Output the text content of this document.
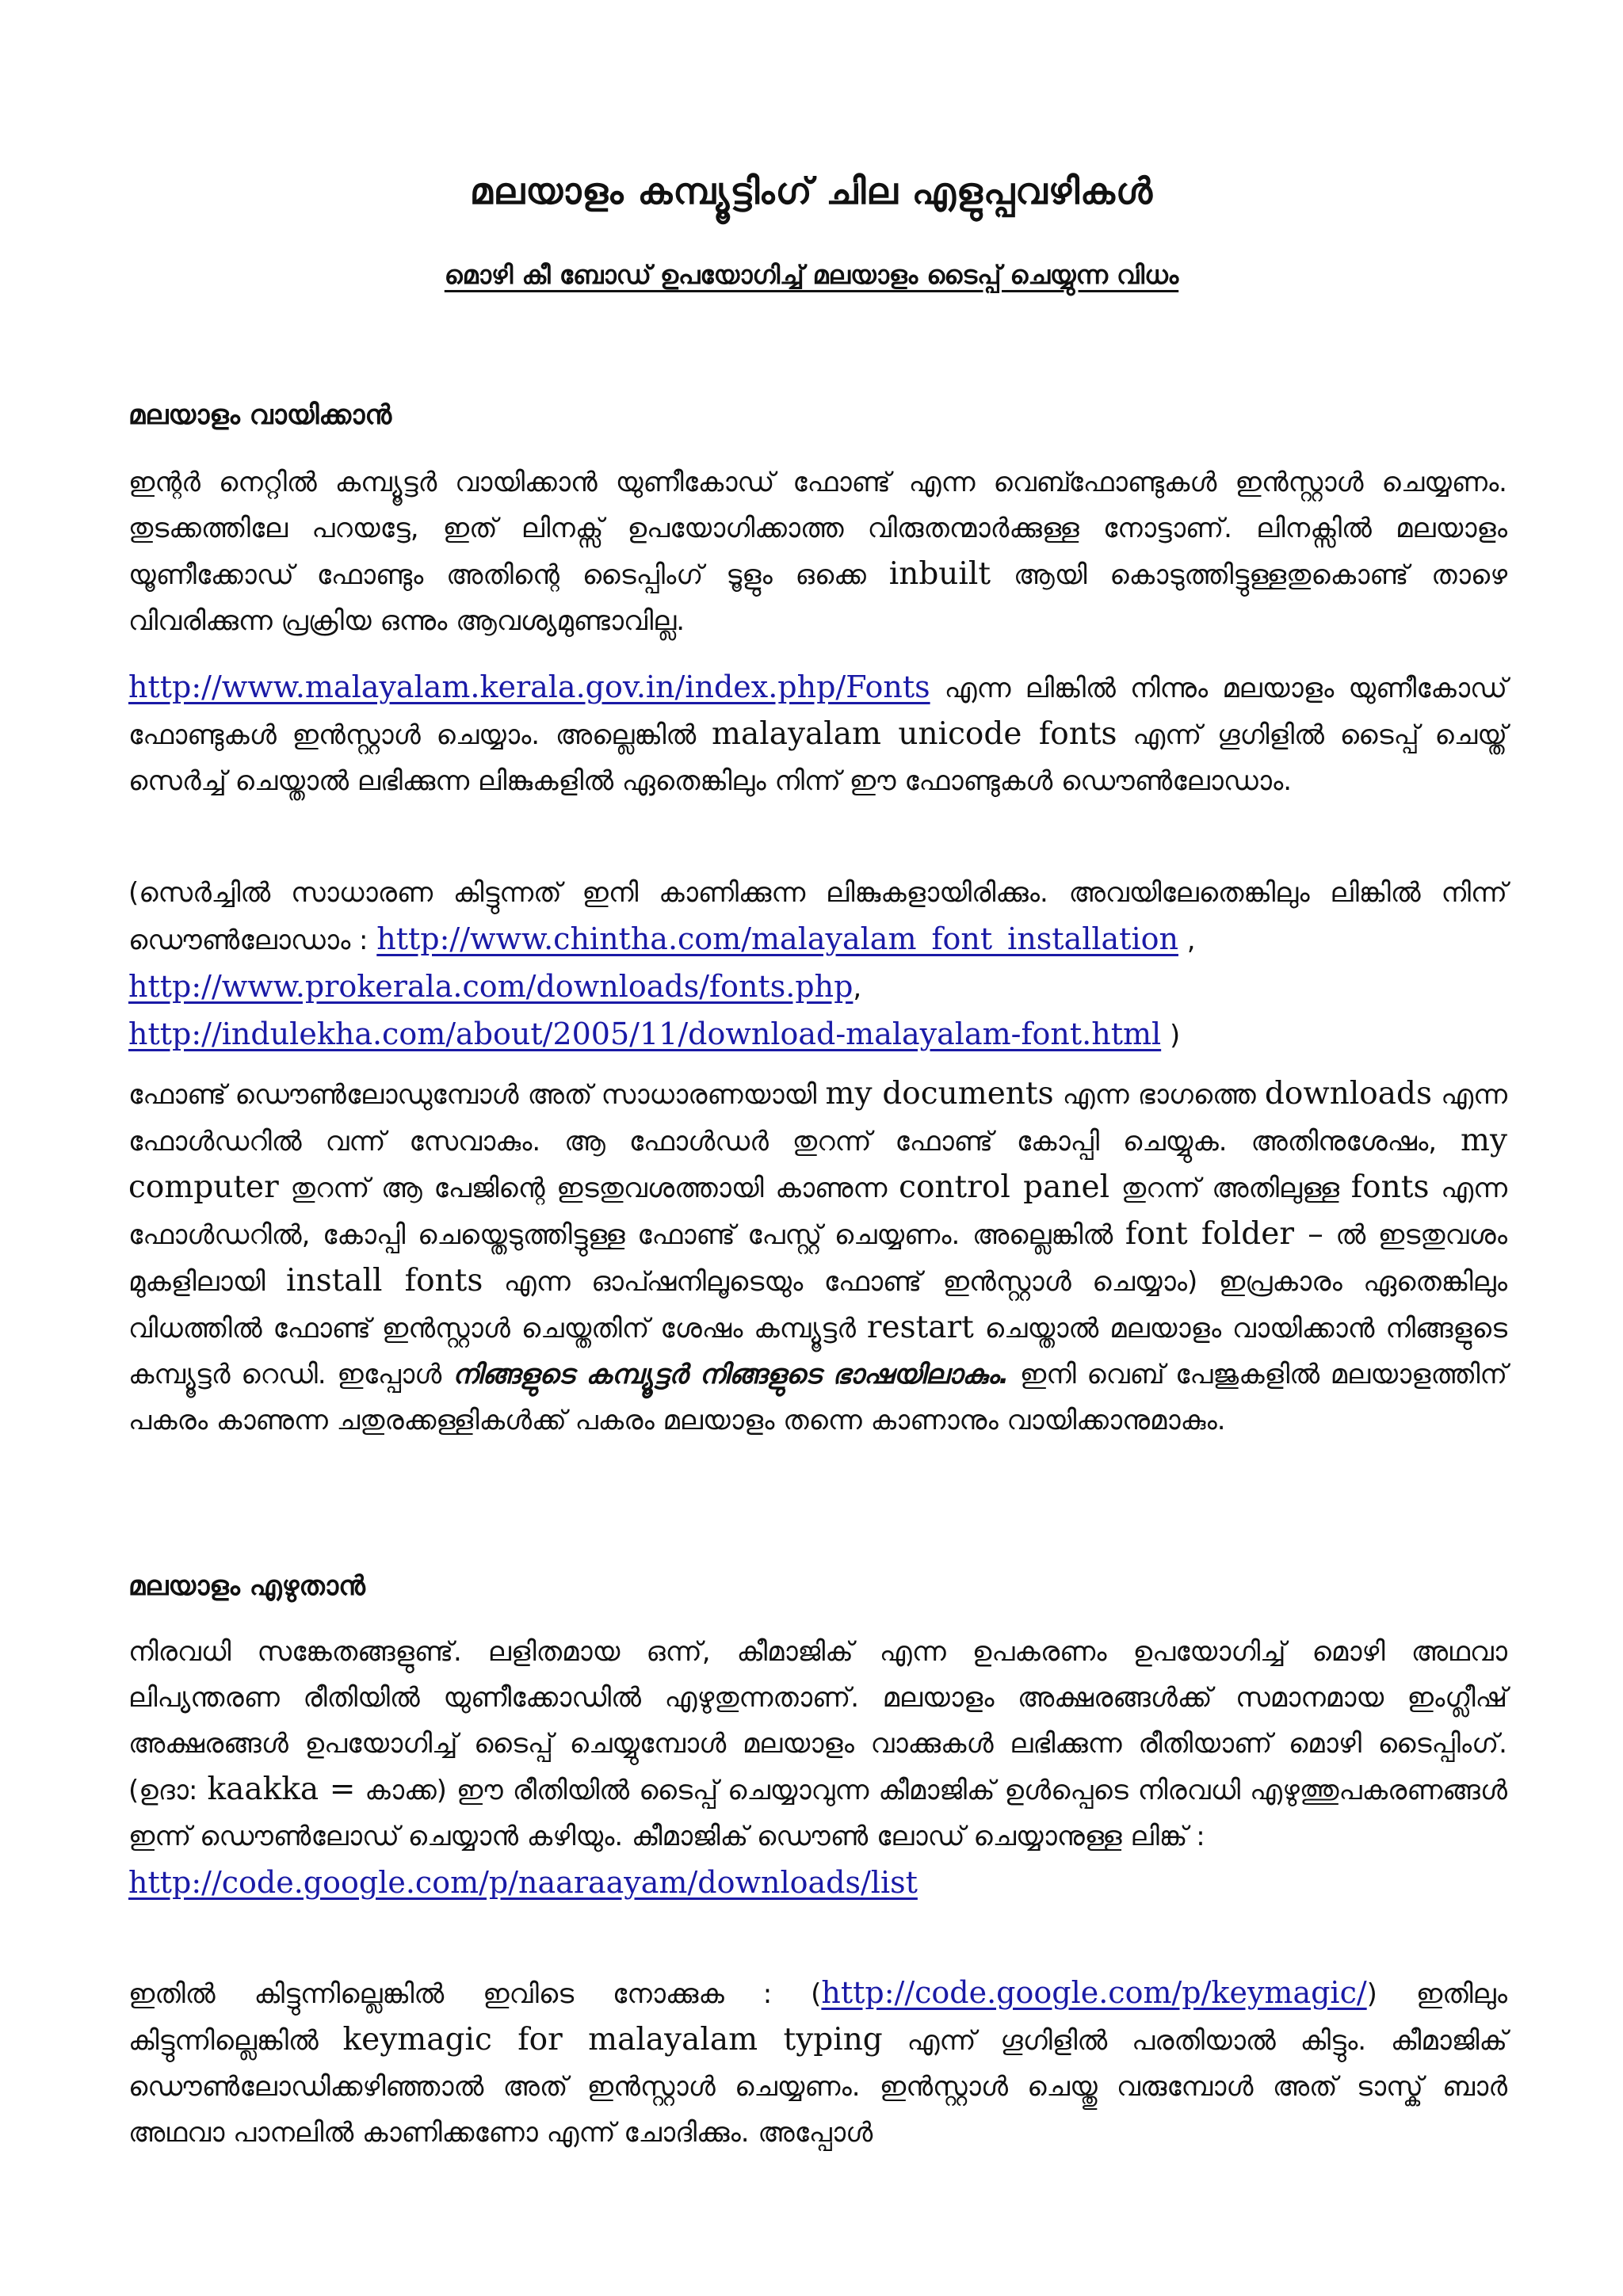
മലയാളം കമ്പ്യൂട്ടിംഗ് ചില എളുപ്പവഴികൾ
മൊഴി കീ ബോഡ് ഉപയോഗിച്ച് മലയാളം ടൈപ്പ് ചെയ്യുന്ന വിധം
മലയാളം വായിക്കാൻ
ഇന്റർ നെറ്റിൽ കമ്പ്യൂട്ടർ വായിക്കാൻ യുണീകോഡ് ഫോണ്ട് എന്ന വെബ്ഫോണ്ടുകൾ ഇൻസ്റ്റാൾ ചെയ്യണം. തുടക്കത്തിലേ പറയട്ടേ, ഇത് ലിനക്സ് ഉപയോഗിക്കാത്ത വിരുതന്മാർക്കുള്ള നോട്ടാണ്. ലിനക്സിൽ മലയാളം യൂണീക്കോഡ് ഫോണ്ടും അതിന്റെ ടൈപ്പിംഗ് ടൂളും ഒക്കെ inbuilt ആയി കൊടുത്തിട്ടുള്ളതുകൊണ്ട് താഴെ വിവരിക്കുന്ന പ്രക്രിയ ഒന്നും ആവശ്യമുണ്ടാവില്ല.
http://www.malayalam.kerala.gov.in/index.php/Fonts എന്ന ലിങ്കിൽ നിന്നും മലയാളം യുണീകോഡ് ഫോണ്ടുകൾ ഇൻസ്റ്റാൾ ചെയ്യാം. അല്ലെങ്കിൽ malayalam unicode fonts എന്ന് ഗൂഗിളിൽ ടൈപ്പ് ചെയ്ത് സെർച്ച് ചെയ്താൽ ലഭിക്കുന്ന ലിങ്കുകളിൽ ഏതെങ്കിലും നിന്ന് ഈ ഫോണ്ടുകൾ ഡൌൺലോഡാം.
(സെർച്ചിൽ സാധാരണ കിട്ടുന്നത് ഇനി കാണിക്കുന്ന ലിങ്കുകളായിരിക്കും. അവയിലേതെങ്കിലും ലിങ്കിൽ നിന്ന് ഡൌൺലോഡാം : http://www.chintha.com/malayalam_font_installation ,
http://www.prokerala.com/downloads/fonts.php,
http://indulekha.com/about/2005/11/download-malayalam-font.html )
ഫോണ്ട് ഡൌൺലോഡുമ്പോൾ അത് സാധാരണയായി my documents എന്ന ഭാഗത്തെ downloads എന്ന ഫോൾഡറിൽ വന്ന് സേവാകും. ആ ഫോൾഡർ തുറന്ന് ഫോണ്ട് കോപ്പി ചെയ്യുക. അതിനുശേഷം, my computer തുറന്ന് ആ പേജിന്റെ ഇടതുവശത്തായി കാണുന്ന control panel തുറന്ന് അതിലുള്ള fonts എന്ന ഫോൾഡറിൽ, കോപ്പി ചെയ്തെടുത്തിട്ടുള്ള ഫോണ്ട് പേസ്റ്റ് ചെയ്യണം. അല്ലെങ്കിൽ font folder – ൽ ഇടതുവശം മുകളിലായി install fonts എന്ന ഓപ്ഷനിലൂടെയും ഫോണ്ട് ഇൻസ്റ്റാൾ ചെയ്യാം) ഇപ്രകാരം ഏതെങ്കിലും വിധത്തിൽ ഫോണ്ട് ഇൻസ്റ്റാൾ ചെയ്തതിന് ശേഷം കമ്പ്യൂട്ടർ restart ചെയ്താൽ മലയാളം വായിക്കാൻ നിങ്ങളുടെ കമ്പ്യൂട്ടർ റെഡി. ഇപ്പോൾ നിങ്ങളുടെ കമ്പ്യൂട്ടർ നിങ്ങളുടെ ഭാഷയിലാകും. ഇനി വെബ് പേജുകളിൽ മലയാളത്തിന് പകരം കാണുന്ന ചതുരക്കള്ളികൾക്ക് പകരം മലയാളം തന്നെ കാണാനും വായിക്കാനുമാകും.
മലയാളം എഴുതാൻ
നിരവധി സങ്കേതങ്ങളുണ്ട്. ലളിതമായ ഒന്ന്, കീമാജിക് എന്ന ഉപകരണം ഉപയോഗിച്ച് മൊഴി അഥവാ ലിപ്യന്തരണ രീതിയിൽ യുണീക്കോഡിൽ എഴുതുന്നതാണ്. മലയാളം അക്ഷരങ്ങൾക്ക് സമാനമായ ഇംഗ്ലീഷ് അക്ഷരങ്ങൾ ഉപയോഗിച്ച് ടൈപ്പ് ചെയ്യുമ്പോൾ മലയാളം വാക്കുകൾ ലഭിക്കുന്ന രീതിയാണ് മൊഴി ടൈപ്പിംഗ്. (ഉദാ: kaakka = കാക്ക) ഈ രീതിയിൽ ടൈപ്പ് ചെയ്യാവുന്ന കീമാജിക് ഉൾപ്പെടെ നിരവധി എഴുത്തുപകരണങ്ങൾ ഇന്ന് ഡൌൺലോഡ് ചെയ്യാൻ കഴിയും. കീമാജിക് ഡൌൺ ലോഡ് ചെയ്യാനുള്ള ലിങ്ക് :
http://code.google.com/p/naaraayam/downloads/list
ഇതിൽ കിട്ടുന്നില്ലെങ്കിൽ ഇവിടെ നോക്കുക : (http://code.google.com/p/keymagic/) ഇതിലും കിട്ടുന്നില്ലെങ്കിൽ keymagic for malayalam typing എന്ന് ഗൂഗിളിൽ പരതിയാൽ കിട്ടും. കീമാജിക് ഡൌൺലോഡിക്കഴിഞ്ഞാൽ അത് ഇൻസ്റ്റാൾ ചെയ്യണം. ഇൻസ്റ്റാൾ ചെയ്തു വരുമ്പോൾ അത് ടാസ്ക് ബാർ അഥവാ പാനലിൽ കാണിക്കണോ എന്ന് ചോദിക്കും. അപ്പോൾ
